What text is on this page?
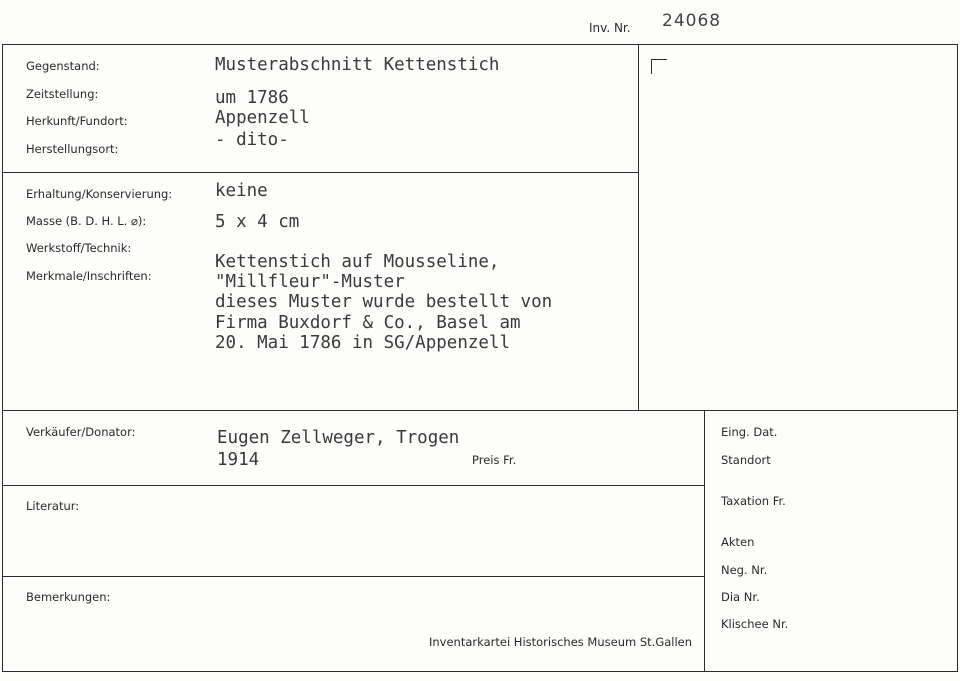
Inv. Nr. 24068
Gegenstand:
Zeitstellung:
Herkunft/Fundort:
Herstellungsort:
Musterabschnitt Kettenstich
um 1786
Appenzell
- dito-
Erhaltung/Konservierung:
Masse (B. D. H. L. ⌀):
Werkstoff/Technik:
Merkmale/Inschriften:
keine
5 x 4 cm
Kettenstich auf Mousseline,
"Millfleur"-Muster
dieses Muster wurde bestellt von
Firma Buxdorf & Co., Basel am
20. Mai 1786 in SG/Appenzell
Verkäufer/Donator:	Eugen Zellweger, Trogen
1914	Preis Fr.
Literatur:
Bemerkungen:
Inventarkartei Historisches Museum St.Gallen
Eing. Dat.
Standort
Taxation Fr.
Akten
Neg. Nr.
Dia Nr.
Klischee Nr.
